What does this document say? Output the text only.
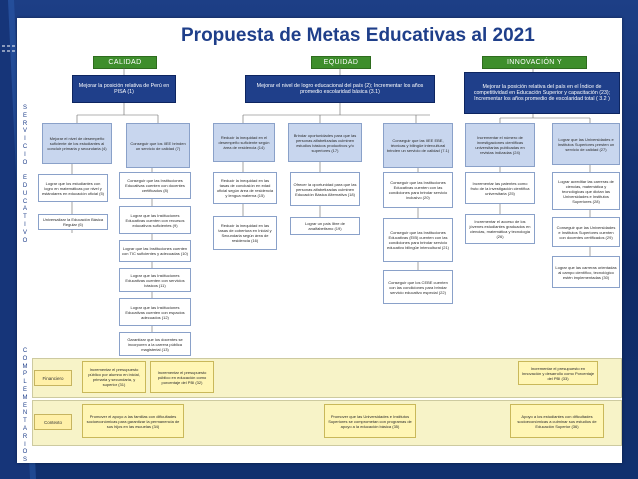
Propuesta de Metas Educativas al 2021
CALIDAD	EQUIDAD	INNOVACIÓN Y
S
E
R
V
I
C
I
O

E
D
U
C
A
T
I
V
O
C
O
M
P
L
E
M
E
N
T
A
R
I
O
S
Mejorar la posición relativa de Perú en PISA (1)
Mejorar el nivel de logro educacional del país (2); Incrementar los años promedio escolaridad básica (3.1)
Mejorar la posición relativa del país en el Índice de competitividad en Educación Superior y capacitación (23); Incrementar los años promedio de escolaridad total ( 3.2 )
Mejorar el nivel de desempeño suficiente de los estudiantes al concluir primaria y secundaria (4)
Conseguir que los IIEE brinden un servicio de calidad (7)
Reducir la inequidad en el desempeño suficiente según área de residencia (14)
Brindar oportunidades para que las personas alfabetizadas culminen estudios básicos productivos y/o superiores (17)
Conseguir que las IIEE EBE, técnicas y bilingüe intercultural brinden un servicio de calidad (7.1)
Incrementar el número de investigaciones científicas universitarias publicadas en revistas indizadas (24)
Lograr que las Universidades e Institutos Superiores presten un servicio de calidad (27)
Lograr que los estudiantes con logro en matemáticas por nivel y estándares en educación oficial (5)
Universalizar la Educación Básica Regular (6)
Conseguir que las Instituciones Educativas cuenten con docentes certificados (8)
Lograr que las Instituciones Educativas cuenten con recursos educativos suficientes (9)
Lograr que las Instituciones cuenten con TIC suficientes y adecuadas (10)
Lograr que las Instituciones Educativas cuenten con servicios básicos (11)
Lograr que las Instituciones Educativas cuenten con espacios adecuados (12)
Garantizar que los docentes se incorporen a la carrera pública magisterial (13)
Reducir la inequidad en las tasas de conclusión en edad oficial según área de residencia y lengua materna (15)
Reducir la inequidad en las tasas de cobertura en Inicial y Secundaria según área de residencia (16)
Ofrecer la oportunidad para que las personas alfabetizadas culminen Educación Básica Alternativa (18)
Lograr un país libre de analfabetismo (19)
Conseguir que las Instituciones Educativas cuenten con las condiciones para brindar servicio inclusivo (20)
Conseguir que las Instituciones Educativas (EIB) cuenten con las condiciones para brindar servicio educativo bilingüe intercultural (21)
Conseguir que los CEBE cuenten con las condiciones para brindar servicio educativo especial (22)
Incrementar las patentes como fruto de la investigación científica universitaria (25)
Incrementar el acceso de los jóvenes estudiantes graduados en ciencias, matemática y tecnología (26)
Lograr acreditar las carreras de ciencias, matemática y tecnológicas que dictan las Universidades e Institutos Superiores (28)
Conseguir que las Universidades e Institutos Superiores cuenten con docentes certificados (29)
Lograr que las carreras orientadas al campo científico, tecnológico estén implementadas (30)
Financiero
Contexto
Incrementar el presupuesto público por alumno en inicial, primaria y secundaria, y superior (31)
Incrementar el presupuesto público en educación como porcentaje del PBI (32)
Incrementar el presupuesto en Innovación y desarrollo como Porcentaje del PBI (33)
Promover el apoyo a las familias con dificultades socioeconómicas para garantizar la permanencia de sus hijos en las escuelas (34)
Promover que las Universidades e Institutos Superiores se comprometan con programas de apoyo a la educación básica (35)
Apoyo a los estudiantes con dificultades socioeconómicas a culminar sus estudios de Educación Superior (36)
